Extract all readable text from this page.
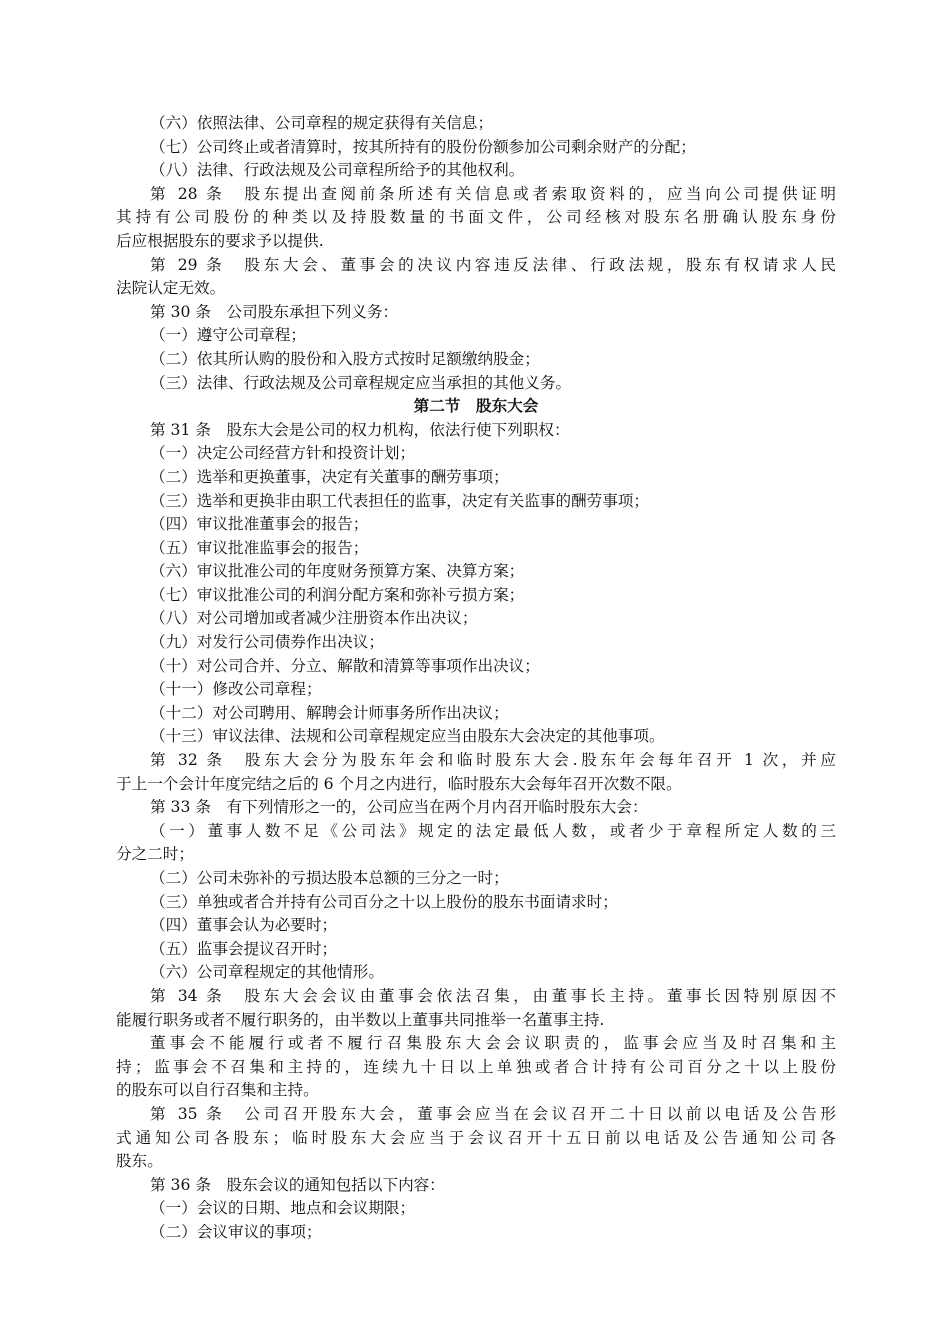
（六）依照法律、公司章程的规定获得有关信息；
（七）公司终止或者清算时，按其所持有的股份份额参加公司剩余财产的分配；
（八）法律、行政法规及公司章程所给予的其他权利。
第 28 条　股东提出查阅前条所述有关信息或者索取资料的，应当向公司提供证明
其持有公司股份的种类以及持股数量的书面文件，公司经核对股东名册确认股东身份
后应根据股东的要求予以提供.
第 29 条　股东大会、董事会的决议内容违反法律、行政法规，股东有权请求人民
法院认定无效。
第 30 条　公司股东承担下列义务：
（一）遵守公司章程；
（二）依其所认购的股份和入股方式按时足额缴纳股金；
（三）法律、行政法规及公司章程规定应当承担的其他义务。
第二节　股东大会
第 31 条　股东大会是公司的权力机构，依法行使下列职权：
（一）决定公司经营方针和投资计划；
（二）选举和更换董事，决定有关董事的酬劳事项；
（三）选举和更换非由职工代表担任的监事，决定有关监事的酬劳事项；
（四）审议批准董事会的报告；
（五）审议批准监事会的报告；
（六）审议批准公司的年度财务预算方案、决算方案；
（七）审议批准公司的利润分配方案和弥补亏损方案；
（八）对公司增加或者减少注册资本作出决议；
（九）对发行公司债券作出决议；
（十）对公司合并、分立、解散和清算等事项作出决议；
（十一）修改公司章程；
（十二）对公司聘用、解聘会计师事务所作出决议；
（十三）审议法律、法规和公司章程规定应当由股东大会决定的其他事项。
第 32 条　股东大会分为股东年会和临时股东大会.股东年会每年召开 1 次，并应
于上一个会计年度完结之后的 6 个月之内进行，临时股东大会每年召开次数不限。
第 33 条　有下列情形之一的，公司应当在两个月内召开临时股东大会：
（一）董事人数不足《公司法》规定的法定最低人数，或者少于章程所定人数的三
分之二时；
（二）公司未弥补的亏损达股本总额的三分之一时；
（三）单独或者合并持有公司百分之十以上股份的股东书面请求时；
（四）董事会认为必要时；
（五）监事会提议召开时；
（六）公司章程规定的其他情形。
第 34 条　股东大会会议由董事会依法召集，由董事长主持。董事长因特别原因不
能履行职务或者不履行职务的，由半数以上董事共同推举一名董事主持.
董事会不能履行或者不履行召集股东大会会议职责的，监事会应当及时召集和主
持；监事会不召集和主持的，连续九十日以上单独或者合计持有公司百分之十以上股份
的股东可以自行召集和主持。
第 35 条　公司召开股东大会，董事会应当在会议召开二十日以前以电话及公告形
式通知公司各股东；临时股东大会应当于会议召开十五日前以电话及公告通知公司各
股东。
第 36 条　股东会议的通知包括以下内容：
（一）会议的日期、地点和会议期限；
（二）会议审议的事项；
